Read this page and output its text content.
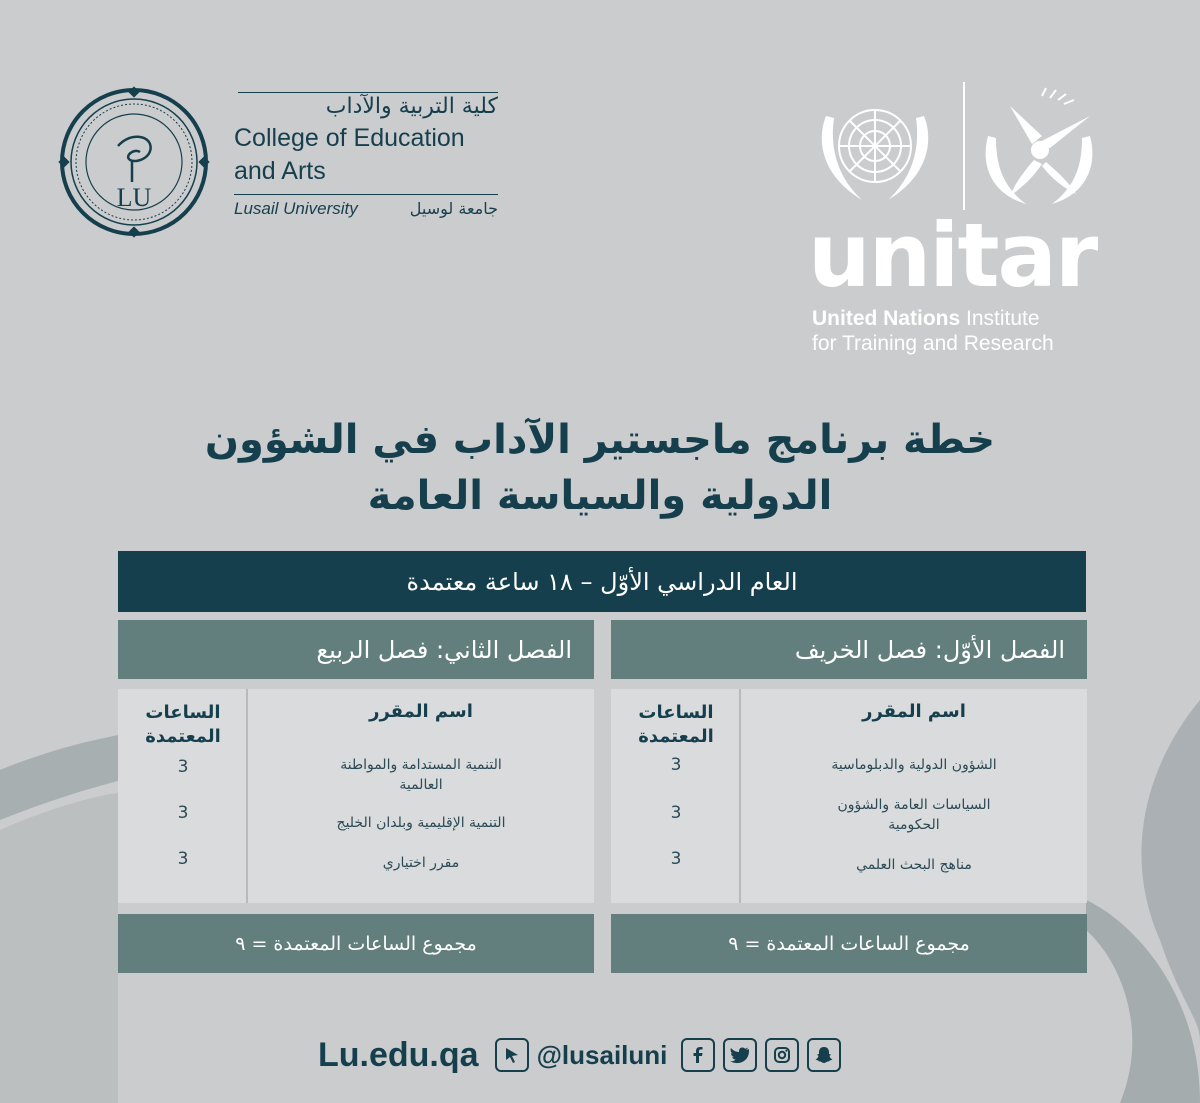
LU
كلية التربية والآداب
College of Education and Arts
Lusail University	جامعة لوسيل	unitar
United Nations Institute
for Training and Research
خطة برنامج ماجستير الآداب في الشؤون
الدولية والسياسة العامة
العام الدراسي الأوّل – ١٨ ساعة معتمدة
الفصل الأوّل: فصل الخريف
اسم المقرر
الساعات
المعتمدة
الشؤون الدولية والدبلوماسية
3
السياسات العامة والشؤون الحكومية
3
مناهج البحث العلمي
3
مجموع الساعات المعتمدة = ٩
الفصل الثاني: فصل الربيع
اسم المقرر
الساعات
المعتمدة
التنمية المستدامة والمواطنة العالمية
3
التنمية الإقليمية وبلدان الخليج
3
مقرر اختياري
3
مجموع الساعات المعتمدة = ٩
Lu.edu.qa @lusailuni
